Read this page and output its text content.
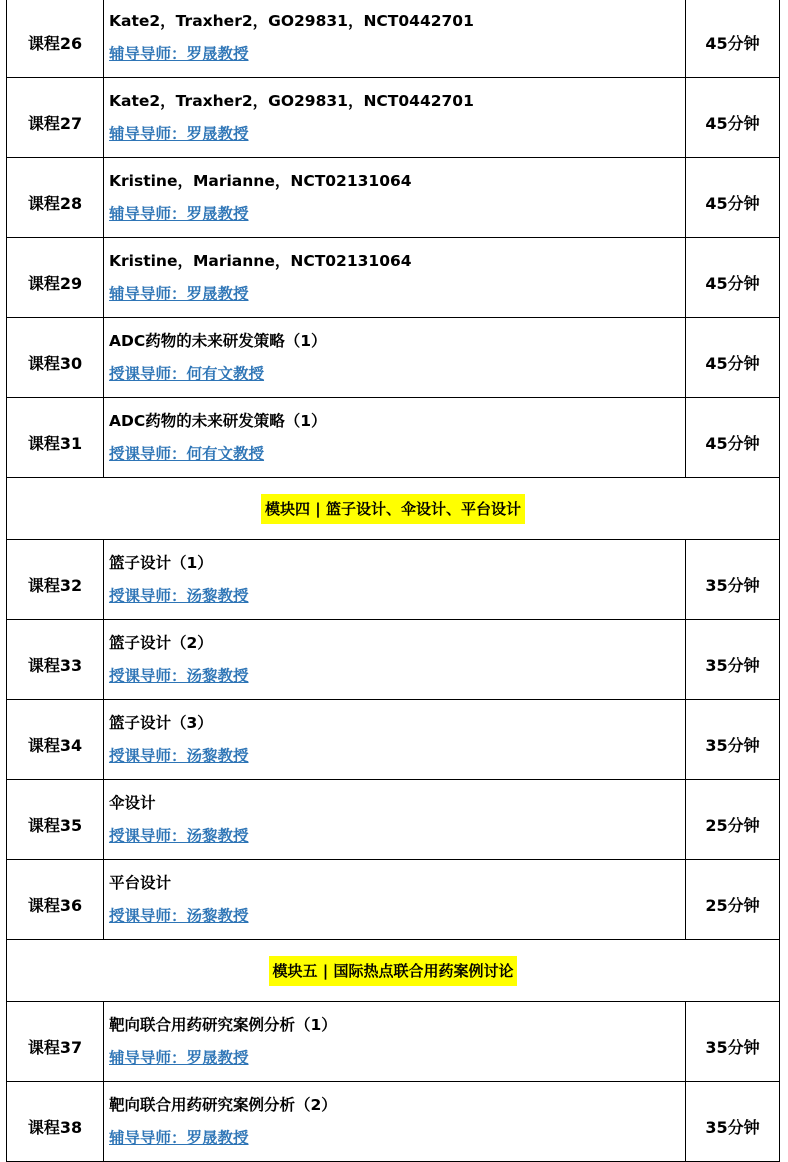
课程26	Kate2，Traxher2，GO29831，NCT0442701
辅导导师：罗晟教授	45分钟
课程27	Kate2，Traxher2，GO29831，NCT0442701
辅导导师：罗晟教授	45分钟
课程28	Kristine，Marianne，NCT02131064
辅导导师：罗晟教授	45分钟
课程29	Kristine，Marianne，NCT02131064
辅导导师：罗晟教授	45分钟
课程30	ADC药物的未来研发策略（1）
授课导师：何有文教授	45分钟
课程31	ADC药物的未来研发策略（1）
授课导师：何有文教授	45分钟
模块四 | 篮子设计、伞设计、平台设计		
课程32	篮子设计（1）
授课导师：汤黎教授	35分钟
课程33	篮子设计（2）
授课导师：汤黎教授	35分钟
课程34	篮子设计（3）
授课导师：汤黎教授	35分钟
课程35	伞设计
授课导师：汤黎教授	25分钟
课程36	平台设计
授课导师：汤黎教授	25分钟
模块五 | 国际热点联合用药案例讨论		
课程37	靶向联合用药研究案例分析（1）
辅导导师：罗晟教授	35分钟
课程38	靶向联合用药研究案例分析（2）
辅导导师：罗晟教授	35分钟
